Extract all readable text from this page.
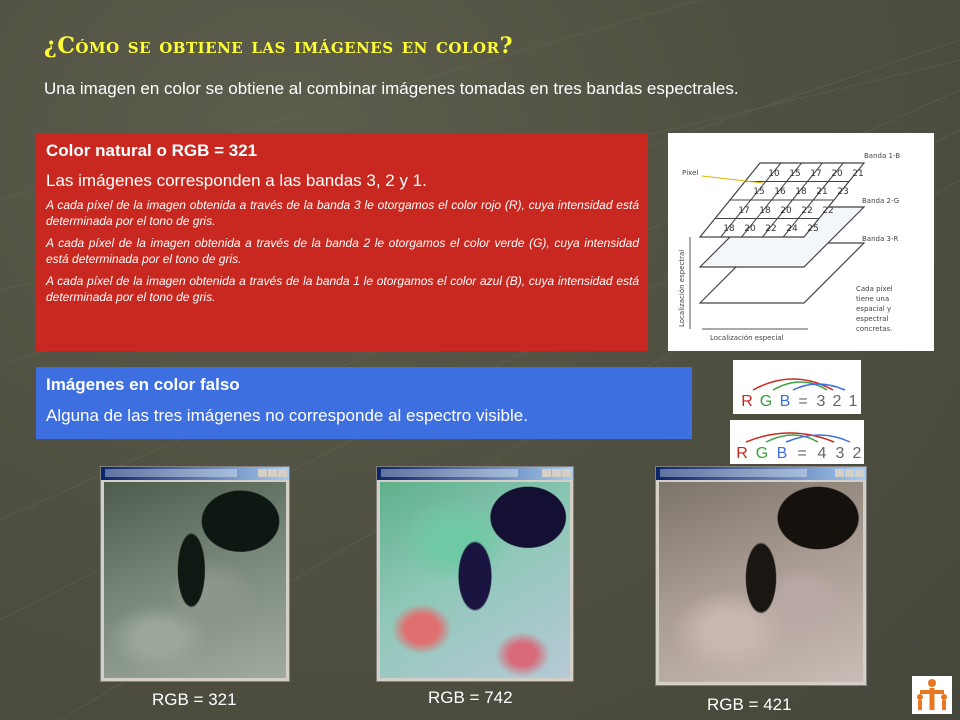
¿Cómo se obtiene las imágenes en color?
Una imagen en color se obtiene al combinar imágenes tomadas en tres bandas espectrales.
Color natural o RGB = 321
Las imágenes corresponden a las bandas 3, 2 y 1.
A cada píxel de la imagen obtenida a través de la banda 3 le otorgamos el color rojo (R), cuya intensidad está determinada por el tono de gris.
A cada píxel de la imagen obtenida a través de la banda 2 le otorgamos el color verde (G), cuya intensidad está determinada por el tono de gris.
A cada píxel de la imagen obtenida a través de la banda 1 le otorgamos el color azul (B), cuya intensidad está determinada por el tono de gris.
10 15 17 20 21
15 16 18 21 23
17 18 20 22 22
18 20 22 24 25
Píxel
Banda 1-B
Banda 2-G
Banda 3-R
Localización espectral
Localización especial
Cada píxel
tiene una
espacial y
espectral
concretas.
Imágenes en color falso
Alguna de las tres imágenes no corresponde al espectro visible.
R G B = 3 2 1
R G B = 4 3 2
RGB = 321	RGB = 742	RGB = 421
